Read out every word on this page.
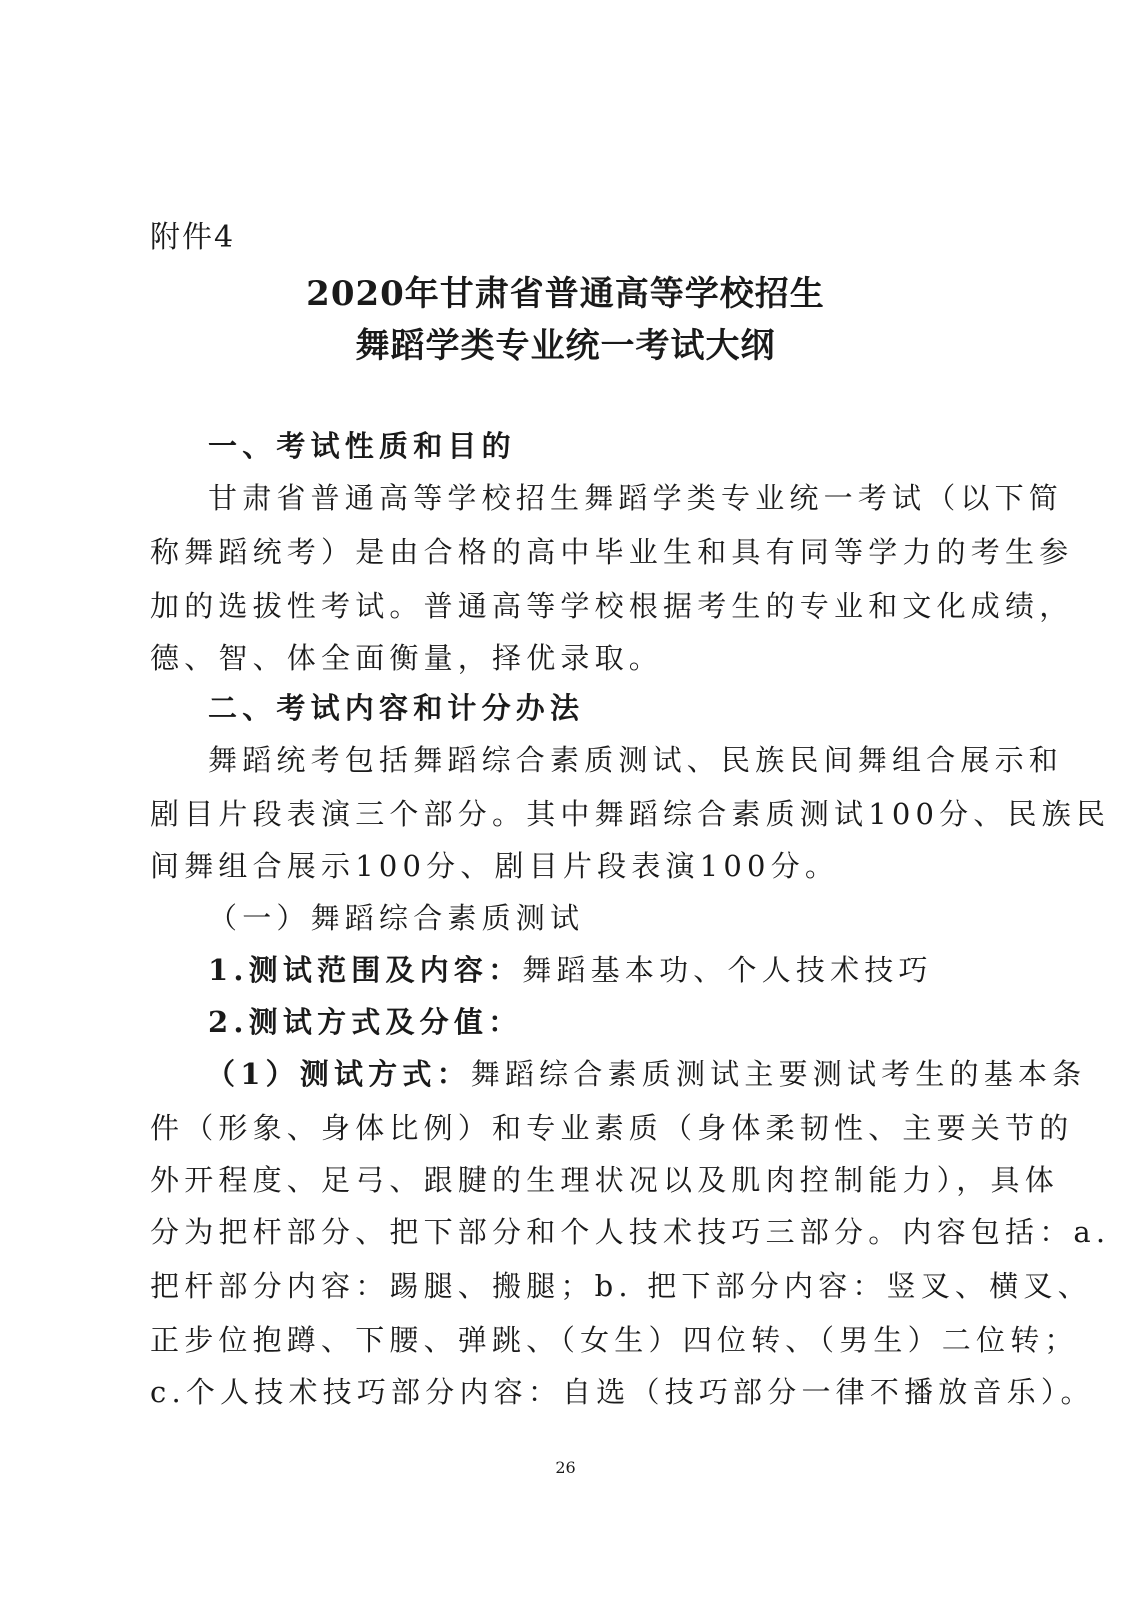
附件4
2020年甘肃省普通高等学校招生
舞蹈学类专业统一考试大纲
一、考试性质和目的
甘肃省普通高等学校招生舞蹈学类专业统一考试（以下简
称舞蹈统考）是由合格的高中毕业生和具有同等学力的考生参
加的选拔性考试。普通高等学校根据考生的专业和文化成绩，
德、智、体全面衡量，择优录取。
二、考试内容和计分办法
舞蹈统考包括舞蹈综合素质测试、民族民间舞组合展示和
剧目片段表演三个部分。其中舞蹈综合素质测试100分、民族民
间舞组合展示100分、剧目片段表演100分。
（一）舞蹈综合素质测试
1.测试范围及内容：舞蹈基本功、个人技术技巧
2.测试方式及分值：
（1）测试方式：舞蹈综合素质测试主要测试考生的基本条
件（形象、身体比例）和专业素质（身体柔韧性、主要关节的
外开程度、足弓、跟腱的生理状况以及肌肉控制能力），具体
分为把杆部分、把下部分和个人技术技巧三部分。内容包括：a.
把杆部分内容：踢腿、搬腿；b. 把下部分内容：竖叉、横叉、
正步位抱蹲、下腰、弹跳、（女生）四位转、（男生）二位转；
c.个人技术技巧部分内容：自选（技巧部分一律不播放音乐）。
26
